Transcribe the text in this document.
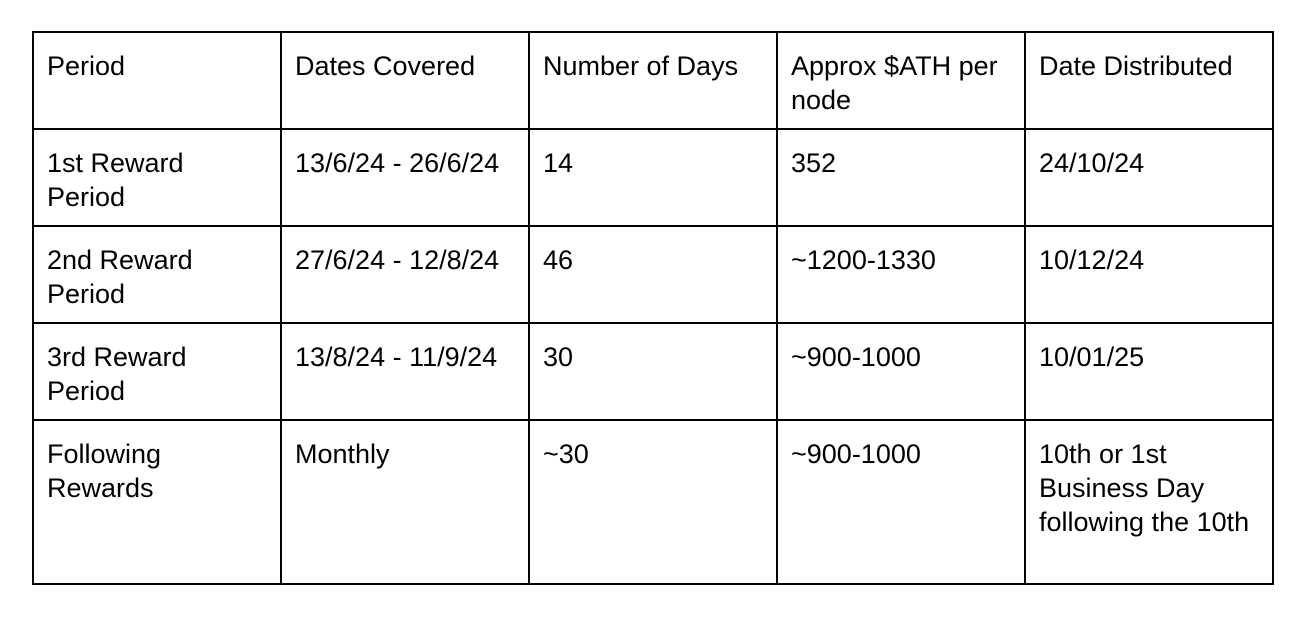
Period	Dates Covered	Number of Days	Approx $ATH per node	Date Distributed
1st Reward Period	13/6/24 - 26/6/24	14	352	24/10/24
2nd Reward Period	27/6/24 - 12/8/24	46	~1200-1330	10/12/24
3rd Reward Period	13/8/24 - 11/9/24	30	~900-1000	10/01/25
Following Rewards	Monthly	~30	~900-1000	10th or 1st Business Day following the 10th
